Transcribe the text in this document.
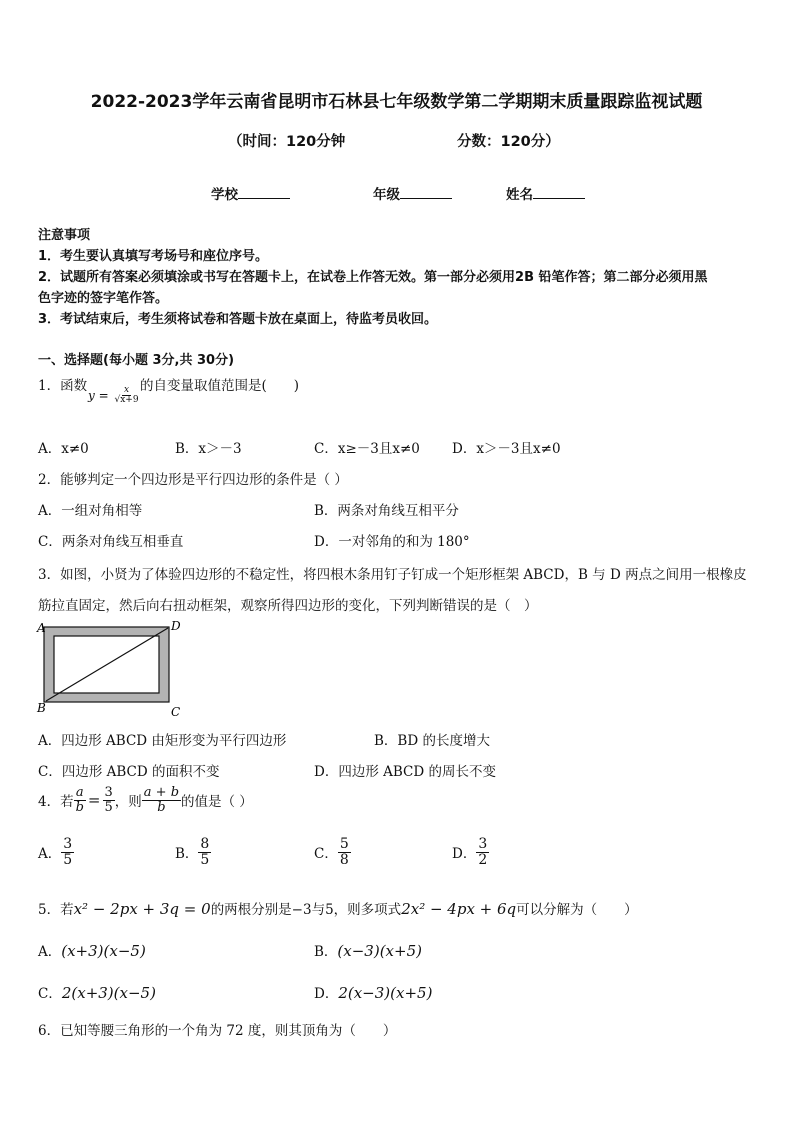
2022-2023学年云南省昆明市石林县七年级数学第二学期期末质量跟踪监视试题
（时间：120分钟	分数：120分）
学校	年级	姓名
注意事项
1．考生要认真填写考场号和座位序号。
2．试题所有答案必须填涂或书写在答题卡上，在试卷上作答无效。第一部分必须用2B 铅笔作答；第二部分必须用黑
色字迹的签字笔作答。
3．考试结束后，考生须将试卷和答题卡放在桌面上，待监考员收回。
一、选择题(每小题 3分,共 30分)
1．函数
$y = \frac{x}{√x+9}$ 的自变量取值范围是(　　)
A．x≠0	B．x＞－3	C．x≥－3且x≠0 D．x＞－3且x≠0
2．能够判定一个四边形是平行四边形的条件是（ ）
A．一组对角相等	B．两条对角线互相平分
C．两条对角线互相垂直	D．一对邻角的和为 180°
3．如图，小贤为了体验四边形的不稳定性，将四根木条用钉子钉成一个矩形框架 ABCD，B 与 D 两点之间用一根橡皮
筋拉直固定，然后向右扭动框架，观察所得四边形的变化，下列判断错误的是（　）
A	D
B	C
A．四边形 ABCD 由矩形变为平行四边形	B．BD 的长度增大
C．四边形 ABCD 的面积不变	D．四边形 ABCD 的周长不变
4．若 $\frac{a}{b} = \frac{3}{5}$ ，则 $\frac{a + b}{b}$ 的值是（ ）
A． $\frac{3}{5}$	B． $\frac{8}{5}$	C． $\frac{5}{8}$	D． $\frac{3}{2}$
5．若x² − 2px + 3q = 0的两根分别是−3与5，则多项式2x² − 4px + 6q可以分解为（　　）
A．(x+3)(x−5)	B．(x−3)(x+5)
C．2(x+3)(x−5)	D．2(x−3)(x+5)
6．已知等腰三角形的一个角为 72 度，则其顶角为（　　）
